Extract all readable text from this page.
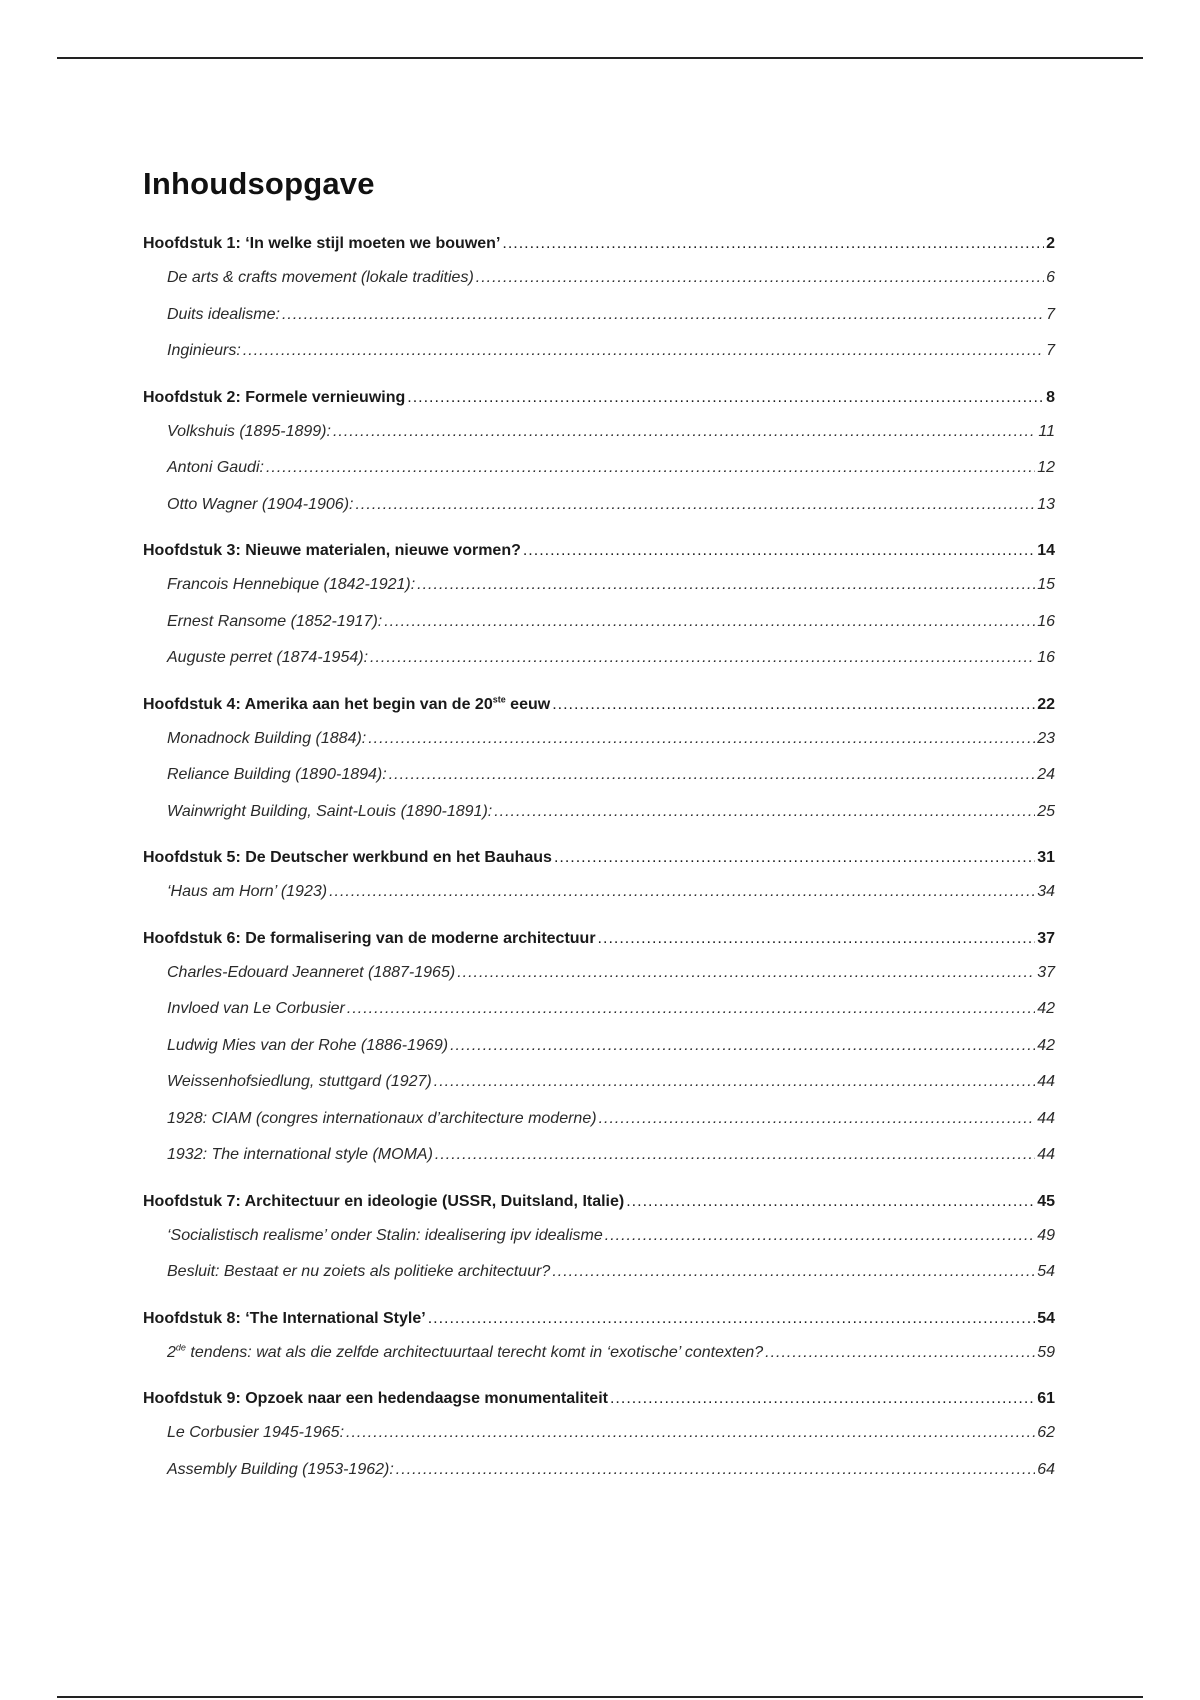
Inhoudsopgave
Hoofdstuk 1: ‘In welke stijl moeten we bouwen’ .....	2
De arts & crafts movement (lokale tradities) .....	6
Duits idealisme: .....	7
Inginieurs: .....	7
Hoofdstuk 2: Formele vernieuwing .....	8
Volkshuis (1895-1899): .....	11
Antoni Gaudi: .....	12
Otto Wagner (1904-1906): .....	13
Hoofdstuk 3: Nieuwe materialen, nieuwe vormen? .....	14
Francois Hennebique (1842-1921): .....	15
Ernest Ransome (1852-1917): .....	16
Auguste perret (1874-1954): .....	16
Hoofdstuk 4: Amerika aan het begin van de 20ste eeuw .....	22
Monadnock Building (1884): .....	23
Reliance Building (1890-1894): .....	24
Wainwright Building, Saint-Louis (1890-1891): .....	25
Hoofdstuk 5: De Deutscher werkbund en het Bauhaus .....	31
‘Haus am Horn’ (1923) .....	34
Hoofdstuk 6: De formalisering van de moderne architectuur .....	37
Charles-Edouard Jeanneret (1887-1965) .....	37
Invloed van Le Corbusier .....	42
Ludwig Mies van der Rohe (1886-1969) .....	42
Weissenhofsiedlung, stuttgard (1927) .....	44
1928: CIAM (congres internationaux d’architecture moderne) .....	44
1932: The international style (MOMA) .....	44
Hoofdstuk 7: Architectuur en ideologie (USSR, Duitsland, Italie) .....	45
‘Socialistisch realisme’ onder Stalin: idealisering ipv idealisme .....	49
Besluit: Bestaat er nu zoiets als politieke architectuur? .....	54
Hoofdstuk 8: ‘The International Style’ .....	54
2de tendens: wat als die zelfde architectuurtaal terecht komt in ‘exotische’ contexten? .....	59
Hoofdstuk 9: Opzoek naar een hedendaagse monumentaliteit .....	61
Le Corbusier 1945-1965: .....	62
Assembly Building (1953-1962): .....	64
